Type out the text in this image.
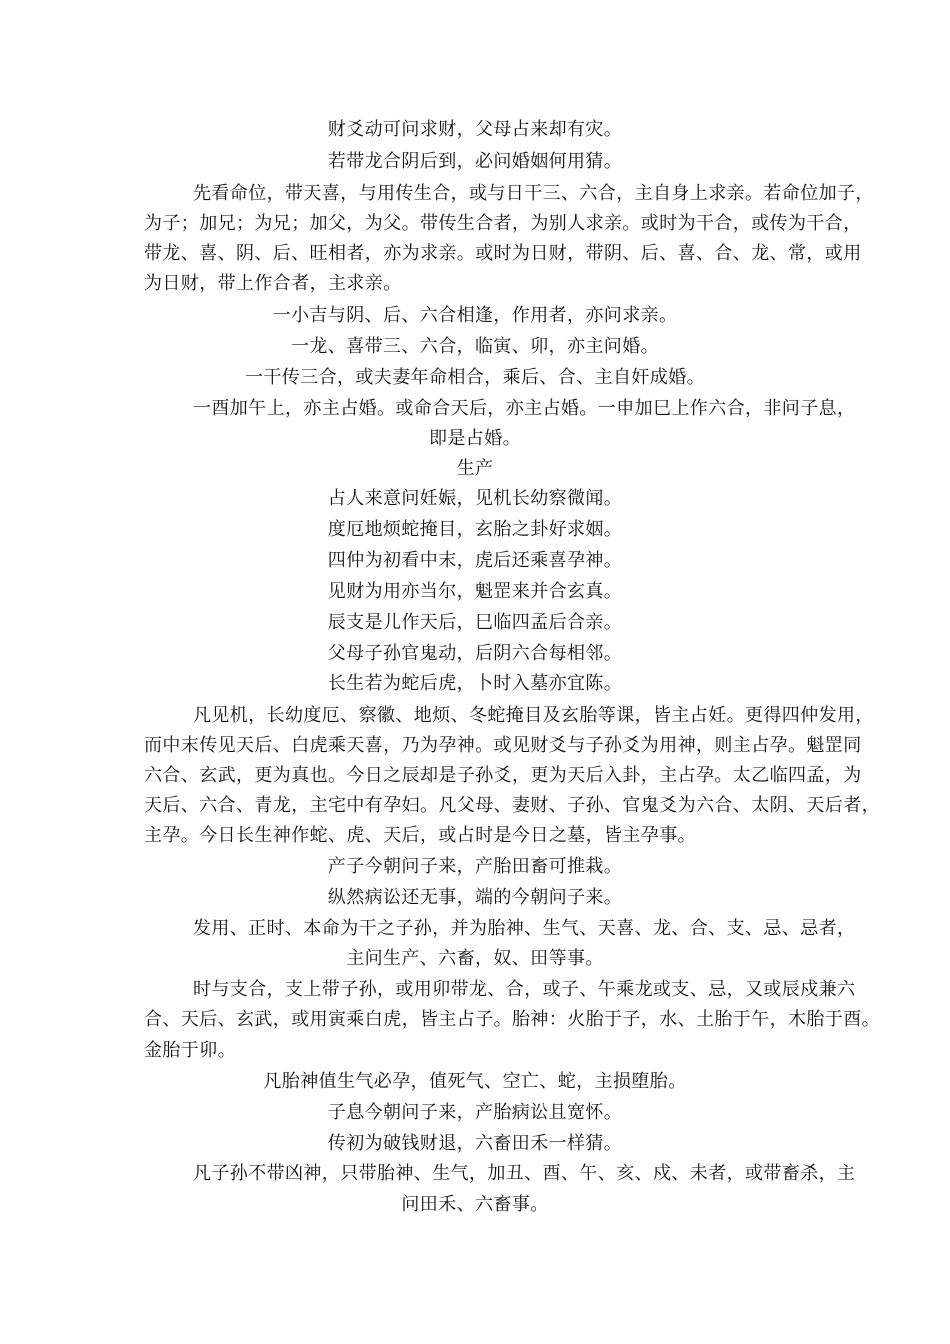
财爻动可问求财，父母占来却有灾。
若带龙合阴后到，必问婚姻何用猜。
先看命位，带天喜，与用传生合，或与日干三、六合，主自身上求亲。若命位加子，
为子；加兄；为兄；加父，为父。带传生合者，为别人求亲。或时为干合，或传为干合，
带龙、喜、阴、后、旺相者，亦为求亲。或时为日财，带阴、后、喜、合、龙、常，或用
为日财，带上作合者，主求亲。
一小吉与阴、后、六合相逢，作用者，亦问求亲。
一龙、喜带三、六合，临寅、卯，亦主问婚。
一干传三合，或夫妻年命相合，乘后、合、主自奸成婚。
一酉加午上，亦主占婚。或命合天后，亦主占婚。一申加巳上作六合，非问子息，
即是占婚。
生产
占人来意问妊娠，见机长幼察微闻。
度厄地烦蛇掩目，玄胎之卦好求姻。
四仲为初看中末，虎后还乘喜孕神。
见财为用亦当尔，魁罡来并合玄真。
辰支是儿作天后，巳临四孟后合亲。
父母子孙官鬼动，后阴六合每相邻。
长生若为蛇后虎，卜时入墓亦宜陈。
凡见机，长幼度厄、察徽、地烦、冬蛇掩目及玄胎等课，皆主占妊。更得四仲发用，
而中末传见天后、白虎乘天喜，乃为孕神。或见财爻与子孙爻为用神，则主占孕。魁罡同
六合、玄武，更为真也。今日之辰却是子孙爻，更为天后入卦，主占孕。太乙临四孟，为
天后、六合、青龙，主宅中有孕妇。凡父母、妻财、子孙、官鬼爻为六合、太阴、天后者，
主孕。今日长生神作蛇、虎、天后，或占时是今日之墓，皆主孕事。
产子今朝问子来，产胎田畜可推栽。
纵然病讼还无事，端的今朝问子来。
发用、正时、本命为干之子孙，并为胎神、生气、天喜、龙、合、支、忌、忌者，
主问生产、六畜，奴、田等事。
时与支合，支上带子孙，或用卯带龙、合，或子、午乘龙或支、忌，又或辰戍兼六
合、天后、玄武，或用寅乘白虎，皆主占子。胎神：火胎于子，水、土胎于午，木胎于酉。
金胎于卯。
凡胎神值生气必孕，值死气、空亡、蛇，主损堕胎。
子息今朝问子来，产胎病讼且宽怀。
传初为破钱财退，六畜田禾一样猜。
凡子孙不带凶神，只带胎神、生气，加丑、酉、午、亥、戍、未者，或带畜杀，主
问田禾、六畜事。
